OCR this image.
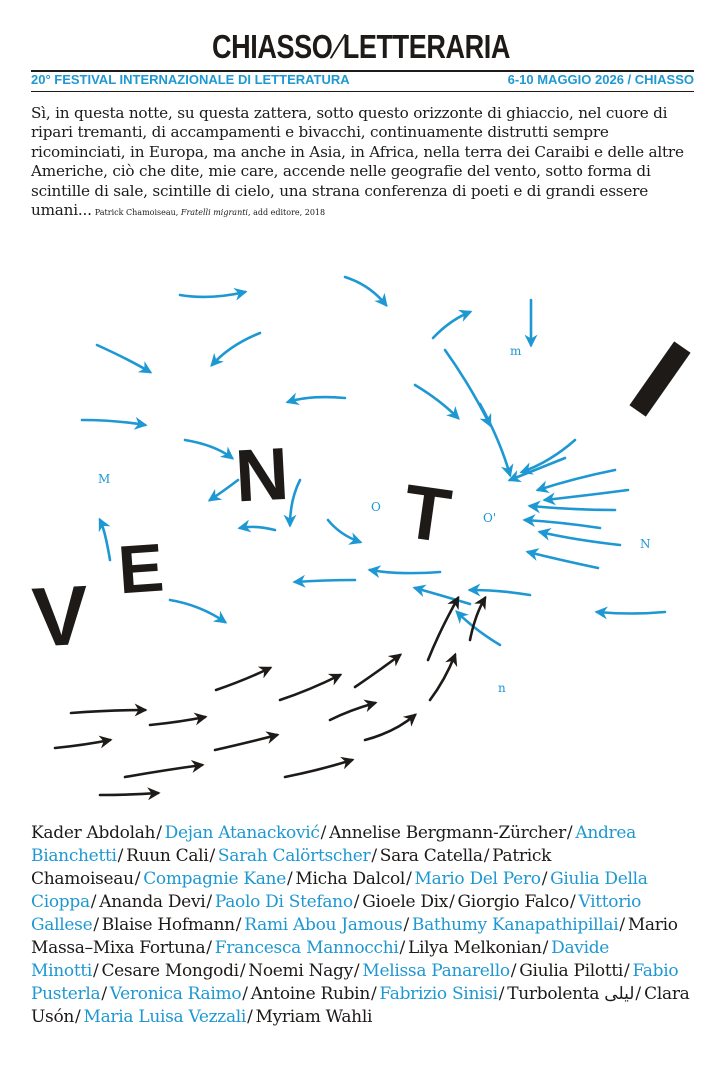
CHIASSO/LETTERARIA
20° FESTIVAL INTERNAZIONALE DI LETTERATURA	6-10 MAGGIO 2026 / CHIASSO
Sì, in questa notte, su questa zattera, sotto questo orizzonte di ghiaccio, nel cuore di ripari tremanti, di accampamenti e bivacchi, continuamente distrutti sempre ricominciati, in Europa, ma anche in Asia, in Africa, nella terra dei Caraibi e delle altre Americhe, ciò che dite, mie care, accende nelle geografie del vento, sotto forma di scintille di sale, scintille di cielo, una strana conferenza di poeti e di grandi essere umani... Patrick Chamoiseau, Fratelli migranti, add editore, 2018
V E
N T
M
O
O'
N
m
n
Kader Abdolah/ Dejan Atanacković/ Annelise Bergmann-Zürcher/ Andrea Bianchetti/ Ruun Cali/ Sarah Calörtscher/ Sara Catella/ Patrick Chamoiseau/ Compagnie Kane/ Micha Dalcol/ Mario Del Pero/ Giulia Della Cioppa/ Ananda Devi/ Paolo Di Stefano/ Gioele Dix/ Giorgio Falco/ Vittorio Gallese/ Blaise Hofmann/ Rami Abou Jamous/ Bathumy Kanapathipillai/ Mario Massa–Mixa Fortuna/ Francesca Mannocchi/ Lilya Melkonian/ Davide Minotti/ Cesare Mongodi/ Noemi Nagy/ Melissa Panarello/ Giulia Pilotti/ Fabio Pusterla/ Veronica Raimo/ Antoine Rubin/ Fabrizio Sinisi/ Turbolenta ليلى/ Clara Usón/ Maria Luisa Vezzali/ Myriam Wahli
